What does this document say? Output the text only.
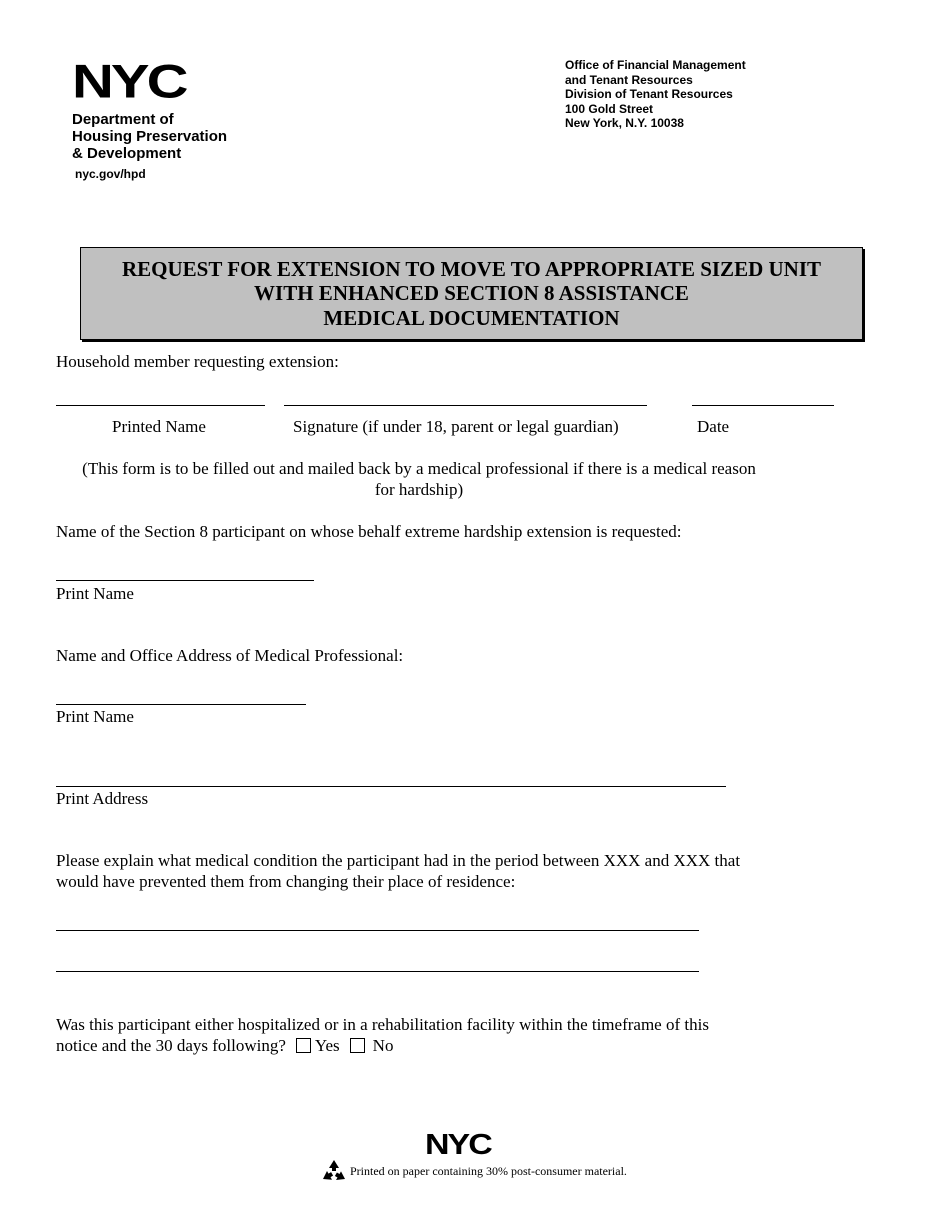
NYC
Department of
Housing Preservation
& Development
nyc.gov/hpd
Office of Financial Management
and Tenant Resources
Division of Tenant Resources
100 Gold Street
New York, N.Y. 10038
REQUEST FOR EXTENSION TO MOVE TO APPROPRIATE SIZED UNIT
WITH ENHANCED SECTION 8 ASSISTANCE
MEDICAL DOCUMENTATION
Household member requesting extension:
Printed Name	Signature (if under 18, parent or legal guardian)	Date
(This form is to be filled out and mailed back by a medical professional if there is a medical reason
for hardship)
Name of the Section 8 participant on whose behalf extreme hardship extension is requested:
Print Name
Name and Office Address of Medical Professional:
Print Name
Print Address
Please explain what medical condition the participant had in the period between XXX and XXX that
would have prevented them from changing their place of residence:
Was this participant either hospitalized or in a rehabilitation facility within the timeframe of this
notice and the 30 days following? Yes No
NYC
Printed on paper containing 30% post-consumer material.
